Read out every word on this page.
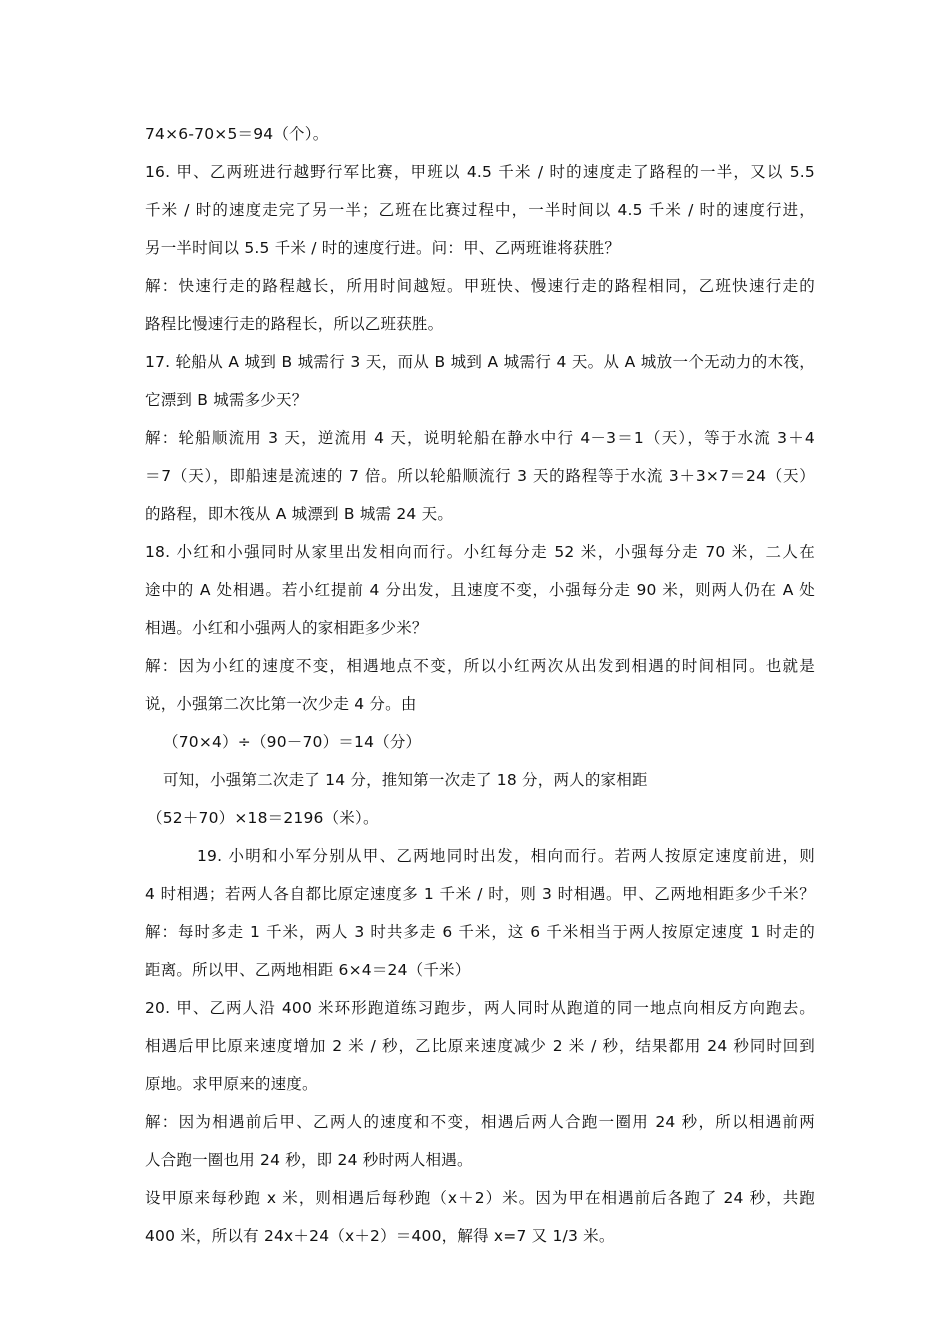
74×6-70×5＝94（个）。
16. 甲、乙两班进行越野行军比赛，甲班以 4.5 千米 / 时的速度走了路程的一半，又以 5.5
千米 / 时的速度走完了另一半；乙班在比赛过程中，一半时间以 4.5 千米 / 时的速度行进，
另一半时间以 5.5 千米 / 时的速度行进。问：甲、乙两班谁将获胜？
解：快速行走的路程越长，所用时间越短。甲班快、慢速行走的路程相同，乙班快速行走的
路程比慢速行走的路程长，所以乙班获胜。
17. 轮船从 A 城到 B 城需行 3 天，而从 B 城到 A 城需行 4 天。从 A 城放一个无动力的木筏，
它漂到 B 城需多少天？
解：轮船顺流用 3 天，逆流用 4 天，说明轮船在静水中行 4－3＝1（天），等于水流 3＋4
＝7（天），即船速是流速的 7 倍。所以轮船顺流行 3 天的路程等于水流 3＋3×7＝24（天）
的路程，即木筏从 A 城漂到 B 城需 24 天。
18. 小红和小强同时从家里出发相向而行。小红每分走 52 米，小强每分走 70 米，二人在
途中的 A 处相遇。若小红提前 4 分出发，且速度不变，小强每分走 90 米，则两人仍在 A 处
相遇。小红和小强两人的家相距多少米？
解：因为小红的速度不变，相遇地点不变，所以小红两次从出发到相遇的时间相同。也就是
说，小强第二次比第一次少走 4 分。由
（70×4）÷（90－70）＝14（分）
可知，小强第二次走了 14 分，推知第一次走了 18 分，两人的家相距
（52＋70）×18＝2196（米）。
19. 小明和小军分别从甲、乙两地同时出发，相向而行。若两人按原定速度前进，则
4 时相遇；若两人各自都比原定速度多 1 千米 / 时，则 3 时相遇。甲、乙两地相距多少千米？
解：每时多走 1 千米，两人 3 时共多走 6 千米，这 6 千米相当于两人按原定速度 1 时走的
距离。所以甲、乙两地相距 6×4＝24（千米）
20. 甲、乙两人沿 400 米环形跑道练习跑步，两人同时从跑道的同一地点向相反方向跑去。
相遇后甲比原来速度增加 2 米 / 秒，乙比原来速度减少 2 米 / 秒，结果都用 24 秒同时回到
原地。求甲原来的速度。
解：因为相遇前后甲、乙两人的速度和不变，相遇后两人合跑一圈用 24 秒，所以相遇前两
人合跑一圈也用 24 秒，即 24 秒时两人相遇。
设甲原来每秒跑 x 米，则相遇后每秒跑（x＋2）米。因为甲在相遇前后各跑了 24 秒，共跑
400 米，所以有 24x＋24（x＋2）＝400，解得 x=7 又 1/3 米。
